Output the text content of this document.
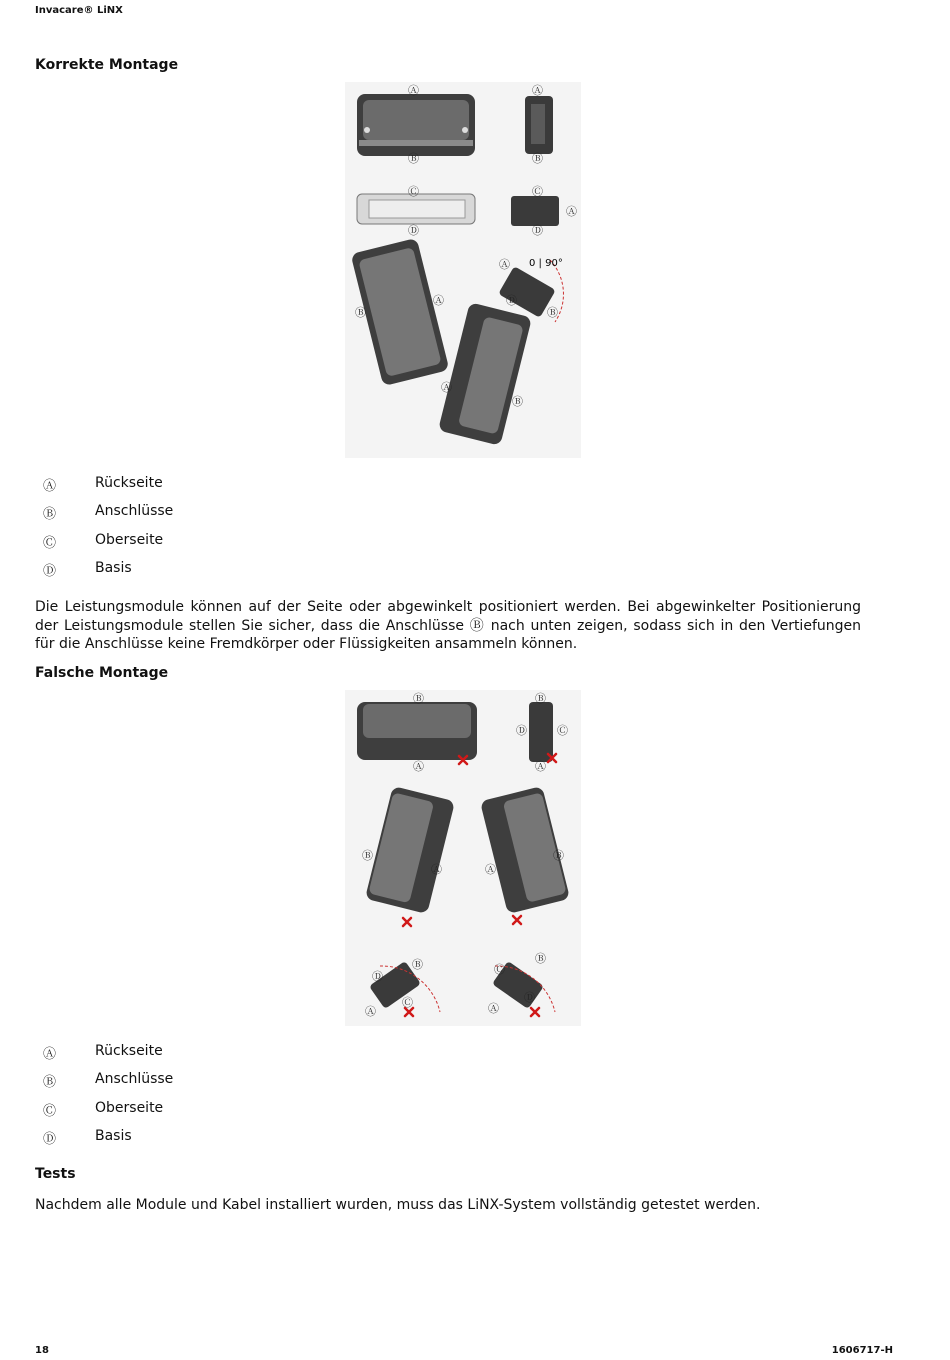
Invacare® LiNX
Korrekte Montage
0 | 90°
Ⓐ
Ⓑ
Ⓐ
Ⓑ
Ⓒ
Ⓓ
Ⓒ
Ⓓ
Ⓐ
Ⓐ
Ⓓ
Ⓑ
Ⓐ
Ⓑ
Ⓐ
Ⓑ
Ⓐ	Rückseite
Ⓑ	Anschlüsse
Ⓒ	Oberseite
Ⓓ	Basis
Die Leistungsmodule können auf der Seite oder abgewinkelt positioniert werden. Bei abgewinkelter Positionierung der Leistungsmodule stellen Sie sicher, dass die Anschlüsse Ⓑ nach unten zeigen, sodass sich in den Vertiefungen für die Anschlüsse keine Fremdkörper oder Flüssigkeiten ansammeln können.
Falsche Montage
Ⓑ
Ⓐ
Ⓑ
Ⓐ
Ⓓ	Ⓒ
Ⓑ
Ⓐ	Ⓐ
Ⓑ
Ⓑ
Ⓓ
Ⓒ
Ⓐ
Ⓑ
Ⓒ
Ⓓ
Ⓐ
Ⓐ	Rückseite
Ⓑ	Anschlüsse
Ⓒ	Oberseite
Ⓓ	Basis
Tests
Nachdem alle Module und Kabel installiert wurden, muss das LiNX-System vollständig getestet werden.
18	1606717-H
